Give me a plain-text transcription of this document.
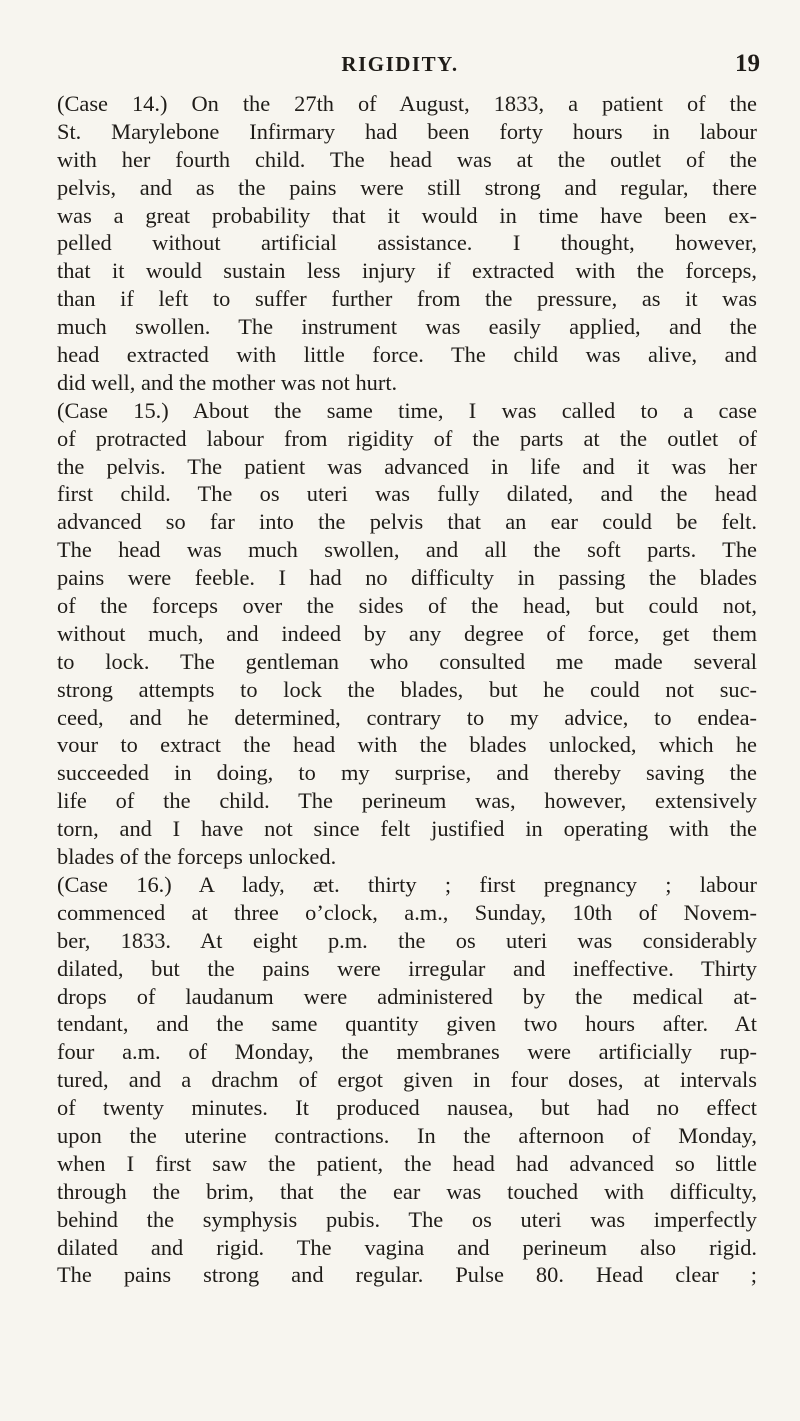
RIGIDITY.	19
(Case 14.) On the 27th of August, 1833, a patient of the
St. Marylebone Infirmary had been forty hours in labour
with her fourth child. The head was at the outlet of the
pelvis, and as the pains were still strong and regular, there
was a great probability that it would in time have been ex-
pelled without artificial assistance. I thought, however,
that it would sustain less injury if extracted with the forceps,
than if left to suffer further from the pressure, as it was
much swollen. The instrument was easily applied, and the
head extracted with little force. The child was alive, and
did well, and the mother was not hurt.
(Case 15.) About the same time, I was called to a case
of protracted labour from rigidity of the parts at the outlet of
the pelvis. The patient was advanced in life and it was her
first child. The os uteri was fully dilated, and the head
advanced so far into the pelvis that an ear could be felt.
The head was much swollen, and all the soft parts. The
pains were feeble. I had no difficulty in passing the blades
of the forceps over the sides of the head, but could not,
without much, and indeed by any degree of force, get them
to lock. The gentleman who consulted me made several
strong attempts to lock the blades, but he could not suc-
ceed, and he determined, contrary to my advice, to endea-
vour to extract the head with the blades unlocked, which he
succeeded in doing, to my surprise, and thereby saving the
life of the child. The perineum was, however, extensively
torn, and I have not since felt justified in operating with the
blades of the forceps unlocked.
(Case 16.) A lady, æt. thirty ; first pregnancy ; labour
commenced at three o’clock, a.m., Sunday, 10th of Novem-
ber, 1833. At eight p.m. the os uteri was considerably
dilated, but the pains were irregular and ineffective. Thirty
drops of laudanum were administered by the medical at-
tendant, and the same quantity given two hours after. At
four a.m. of Monday, the membranes were artificially rup-
tured, and a drachm of ergot given in four doses, at intervals
of twenty minutes. It produced nausea, but had no effect
upon the uterine contractions. In the afternoon of Monday,
when I first saw the patient, the head had advanced so little
through the brim, that the ear was touched with difficulty,
behind the symphysis pubis. The os uteri was imperfectly
dilated and rigid. The vagina and perineum also rigid.
The pains strong and regular. Pulse 80. Head clear ;
